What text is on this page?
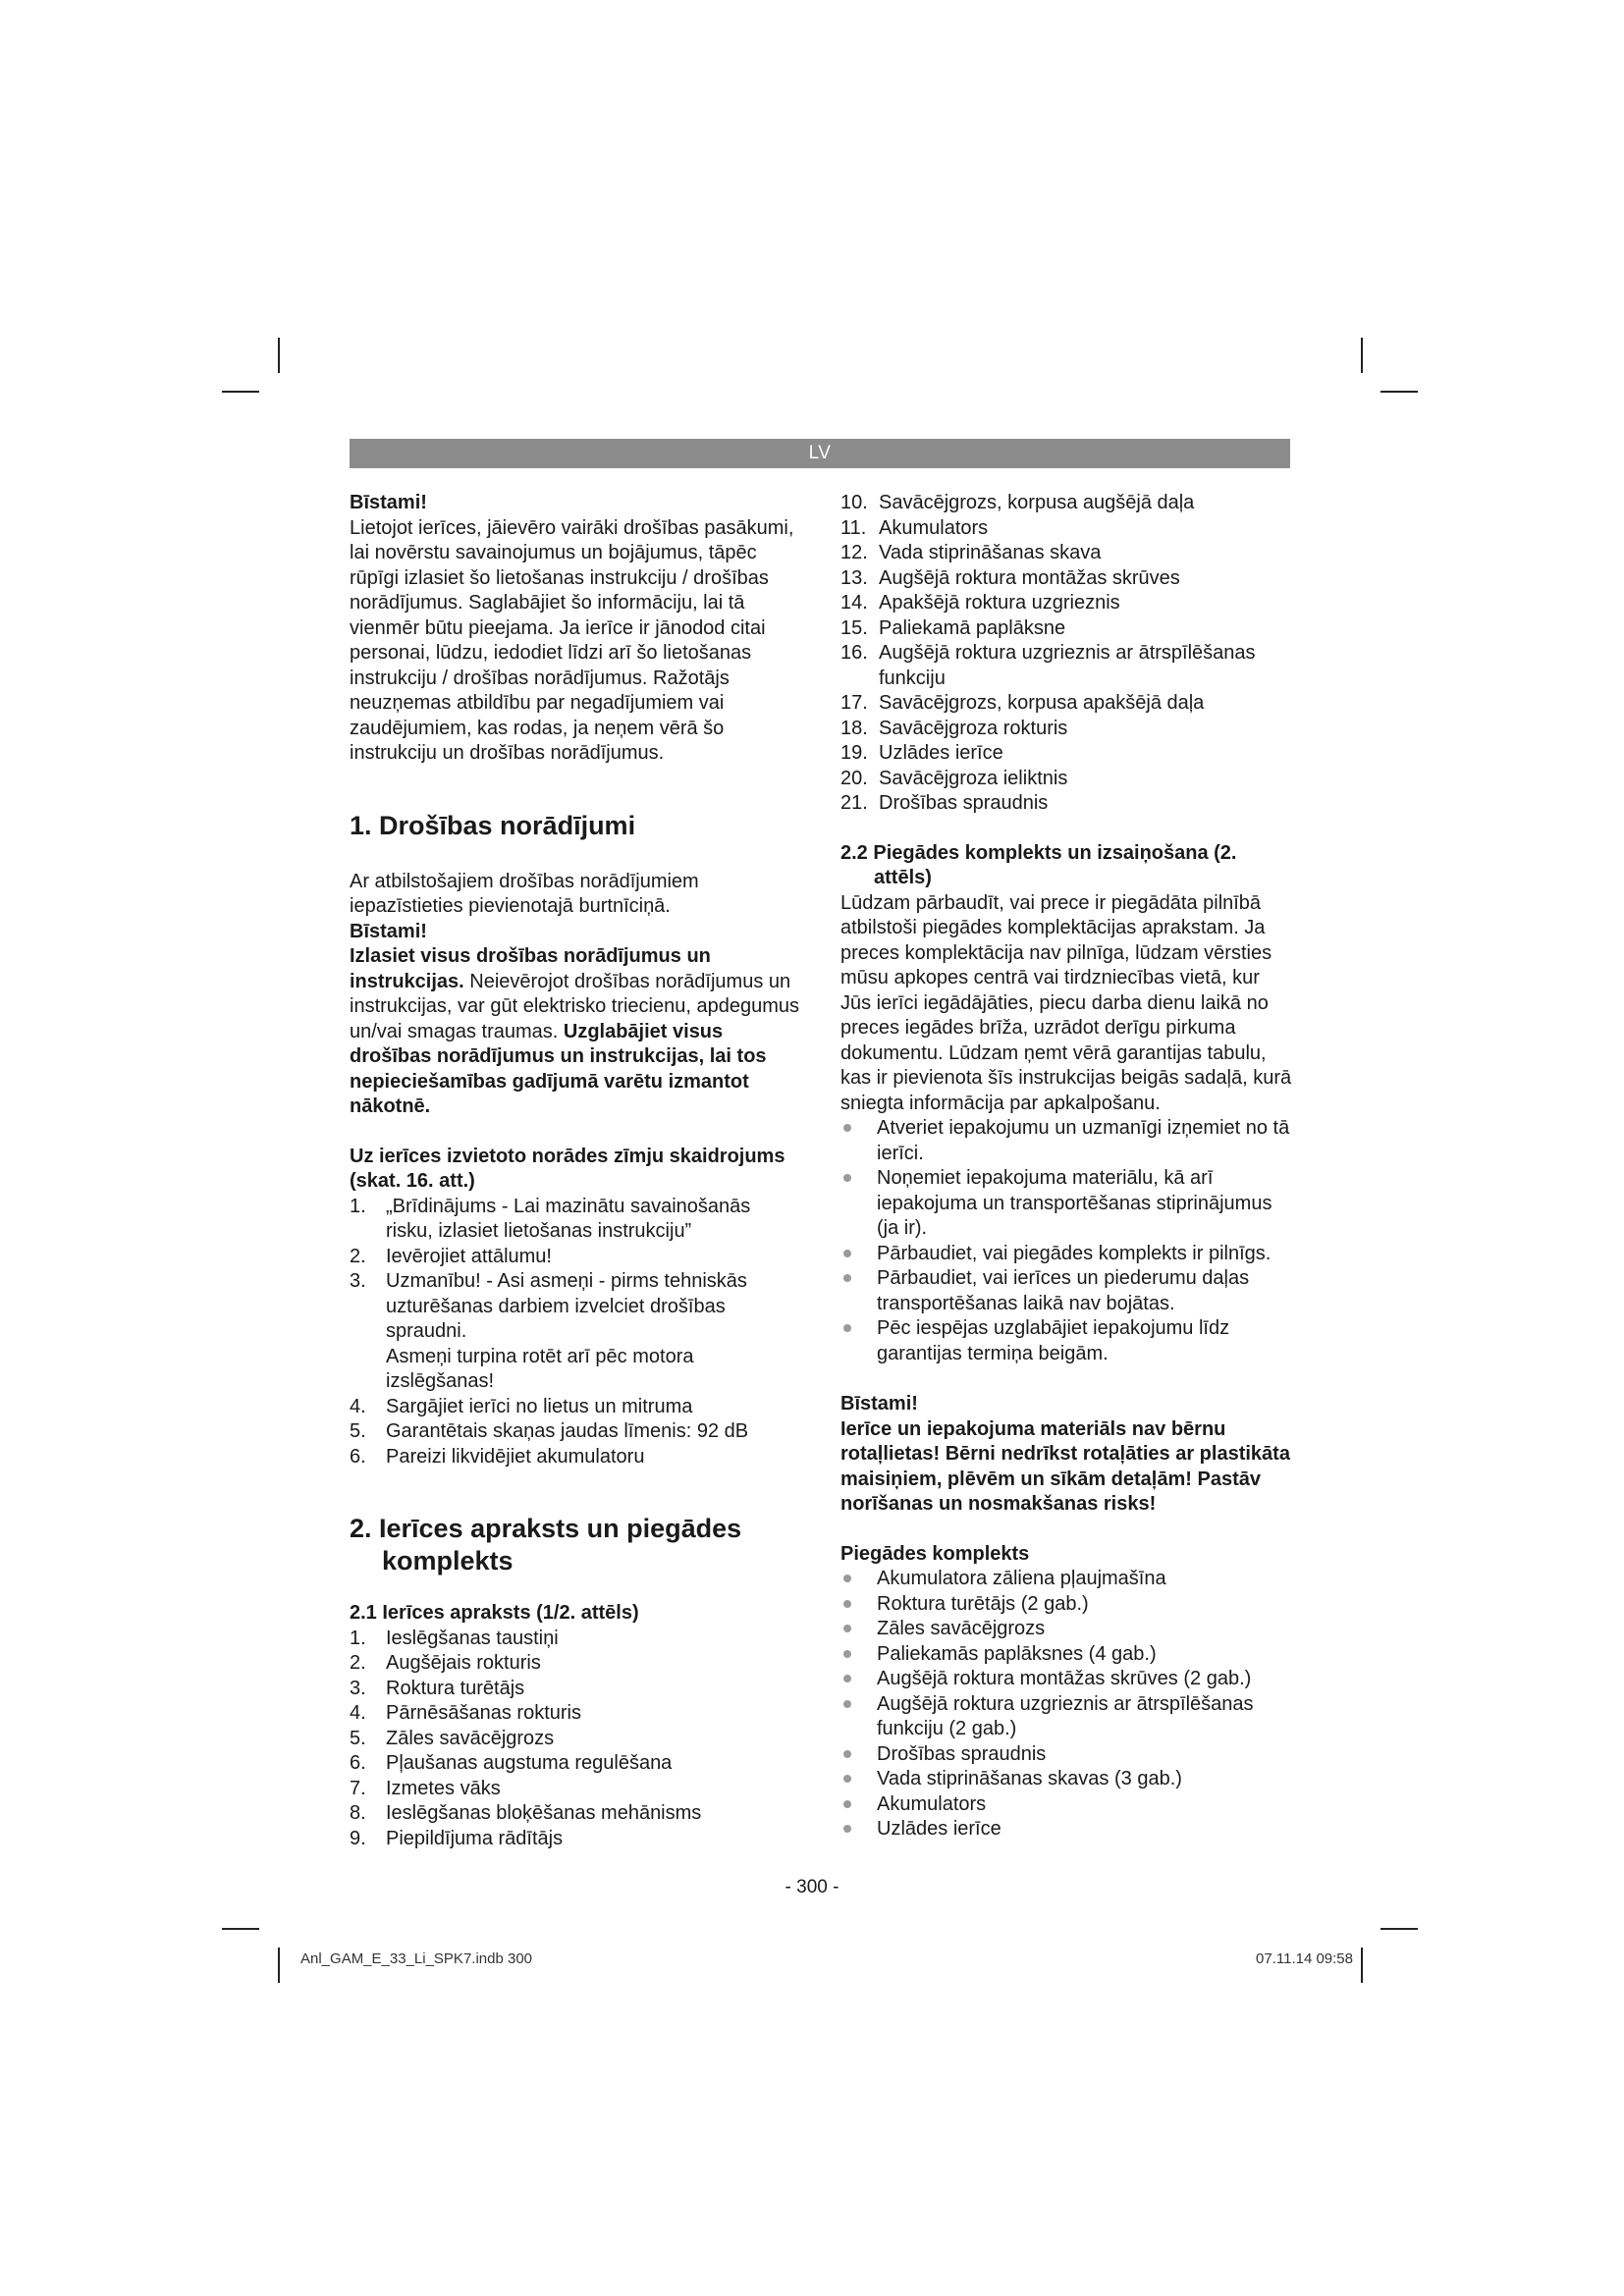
LV

Bīstami!

Lietojot ierīces, jāievēro vairāki drošības pasākumi, lai novērstu savainojumus un bojājumus, tāpēc rūpīgi izlasiet šo lietošanas instrukciju / drošības norādījumus. Saglabājiet šo informāciju, lai tā vienmēr būtu pieejama. Ja ierīce ir jānodod citai personai, lūdzu, iedodiet līdzi arī šo lietošanas instrukciju / drošības norādījumus. Ražotājs neuzņemas atbildību par negadījumiem vai zaudējumiem, kas rodas, ja neņem vērā šo instrukciju un drošības norādījumus.

1. Drošības norādījumi

Ar atbilstošajiem drošības norādījumiem iepazīstieties pievienotajā burtnīciņā.

Bīstami!

Izlasiet visus drošības norādījumus un instrukcijas. Neievērojot drošības norādījumus un instrukcijas, var gūt elektrisko triecienu, apdegumus un/vai smagas traumas. Uzglabājiet visus drošības norādījumus un instrukcijas, lai tos nepieciešamības gadījumā varētu izmantot nākotnē.

Uz ierīces izvietoto norādes zīmju skaidrojums (skat. 16. att.)
1. „Brīdinājums - Lai mazinātu savainošanās risku, izlasiet lietošanas instrukciju”
2. Ievērojiet attālumu!
3. Uzmanību! - Asi asmeņi - pirms tehniskās uzturēšanas darbiem izvelciet drošības spraudni.
Asmeņi turpina rotēt arī pēc motora izslēgšanas!
4. Sargājiet ierīci no lietus un mitruma
5. Garantētais skaņas jaudas līmenis: 92 dB
6. Pareizi likvidējiet akumulatoru
2. Ierīces apraksts un piegādes komplekts
2.1 Ierīces apraksts (1/2. attēls)
1. Ieslēgšanas taustiņi
2. Augšējais rokturis
3. Roktura turētājs
4. Pārnēsāšanas rokturis
5. Zāles savācējgrozs
6. Pļaušanas augstuma regulēšana
7. Izmetes vāks
8. Ieslēgšanas bloķēšanas mehānisms
9. Piepildījuma rādītājs
10. Savācējgrozs, korpusa augšējā daļa
11. Akumulators
12. Vada stiprināšanas skava
13. Augšējā roktura montāžas skrūves
14. Apakšējā roktura uzgrieznis
15. Paliekamā paplāksne
16. Augšējā roktura uzgrieznis ar ātrspīlēšanas funkciju
17. Savācējgrozs, korpusa apakšējā daļa
18. Savācējgroza rokturis
19. Uzlādes ierīce
20. Savācējgroza ieliktnis
21. Drošības spraudnis
2.2 Piegādes komplekts un izsaiņošana (2. attēls)

Lūdzam pārbaudīt, vai prece ir piegādāta pilnībā atbilstoši piegādes komplektācijas aprakstam. Ja preces komplektācija nav pilnīga, lūdzam vērsties mūsu apkopes centrā vai tirdzniecības vietā, kur Jūs ierīci iegādājāties, piecu darba dienu laikā no preces iegādes brīža, uzrādot derīgu pirkuma dokumentu. Lūdzam ņemt vērā garantijas tabulu, kas ir pievienota šīs instrukcijas beigās sadaļā, kurā sniegta informācija par apkalpošanu.

Atveriet iepakojumu un uzmanīgi izņemiet no tā ierīci.
Noņemiet iepakojuma materiālu, kā arī iepakojuma un transportēšanas stiprinājumus (ja ir).
Pārbaudiet, vai piegādes komplekts ir pilnīgs.
Pārbaudiet, vai ierīces un piederumu daļas transportēšanas laikā nav bojātas.
Pēc iespējas uzglabājiet iepakojumu līdz garantijas termiņa beigām.

Bīstami!

Ierīce un iepakojuma materiāls nav bērnu rotaļlietas! Bērni nedrīkst rotaļāties ar plastikāta maisiņiem, plēvēm un sīkām detaļām! Pastāv norīšanas un nosmakšanas risks!

Piegādes komplekts
Akumulatora zāliena pļaujmašīna
Roktura turētājs (2 gab.)
Zāles savācējgrozs
Paliekamās paplāksnes (4 gab.)
Augšējā roktura montāžas skrūves (2 gab.)
Augšējā roktura uzgrieznis ar ātrspīlēšanas funkciju (2 gab.)
Drošības spraudnis
Vada stiprināšanas skavas (3 gab.)
Akumulators
Uzlādes ierīce
- 300 -
Anl_GAM_E_33_Li_SPK7.indb 300	07.11.14 09:58
